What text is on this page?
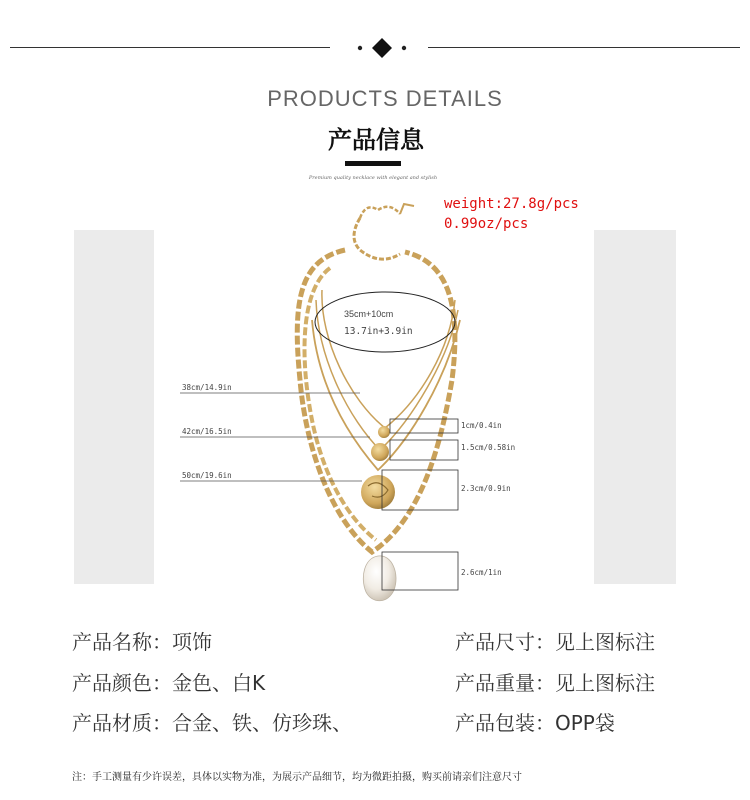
PRODUCTS DETAILS
产品信息
Premium quality necklace with elegant and stylish
weight:27.8g/pcs
0.99oz/pcs
35cm+10cm
13.7in+3.9in
38cm/14.9in
42cm/16.5in
50cm/19.6in
1cm/0.4in
1.5cm/0.58in
2.3cm/0.9in
2.6cm/1in
产品名称：项饰	产品尺寸：见上图标注
产品颜色：金色、白K	产品重量：见上图标注
产品材质：合金、铁、仿珍珠、	产品包装：OPP袋
注：手工测量有少许误差，具体以实物为准，为展示产品细节，均为微距拍摄，购买前请亲们注意尺寸
